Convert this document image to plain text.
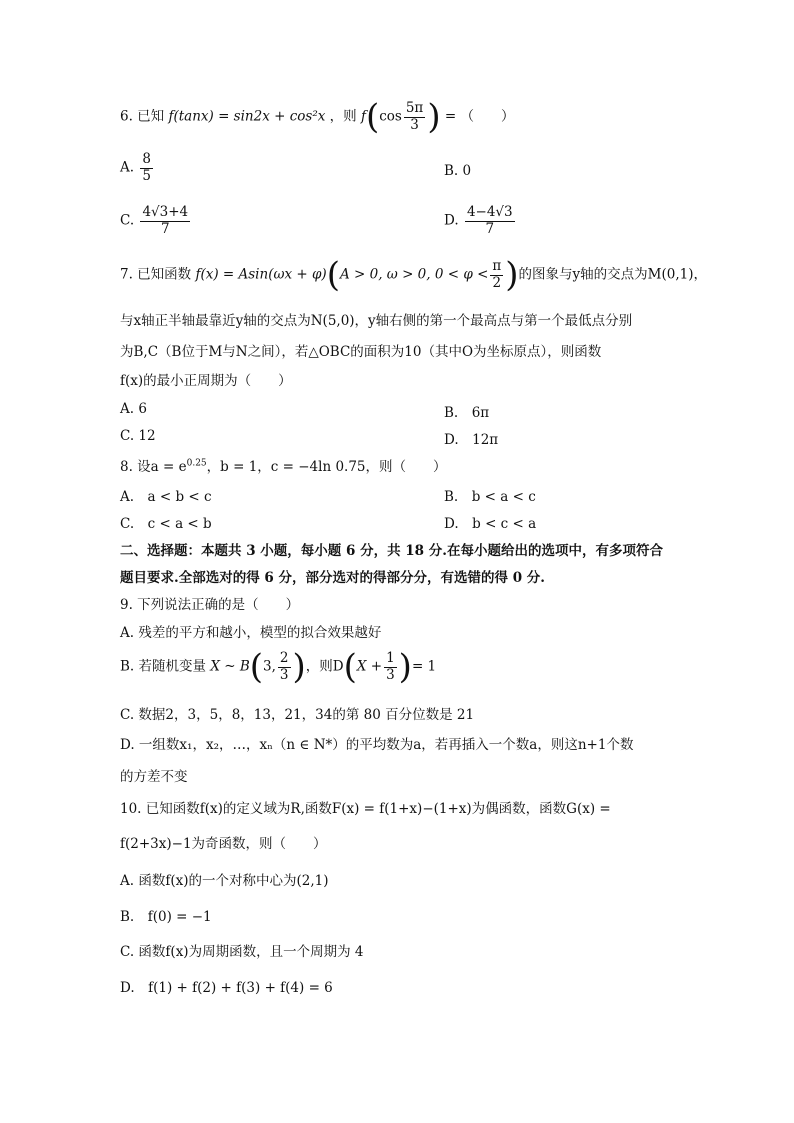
6. 已知 f(tanx) = sin2x + cos²x ，则 $f(\cos \frac{5\pi}{3}$ ) = （　　）
A. $\frac{8}{5}$	B. 0
C. $\frac{4√3+4}{7}$	D. $\frac{4-4√3}{7}$
7. 已知函数 f(x) = Asin(ωx + φ)(A > 0, ω > 0, $0 < \varphi < \frac{\pi}{2}$ )的图象与y轴的交点为M(0,1)，
与x轴正半轴最靠近y轴的交点为N(5,0)，y轴右侧的第一个最高点与第一个最低点分别
为B,C（B位于M与N之间），若△OBC的面积为10（其中O为坐标原点），则函数
f(x)的最小正周期为（　　）
A. 6	B.　6π
C. 12	D.　12π
8. 设$a = e^{0.25}$，b = 1，c = −4ln 0.75，则（　　）
A.　a < b < c	B.　b < a < c
C.　c < a < b	D.　b < c < a
二、选择题：本题共 3 小题，每小题 6 分，共 18 分.在每小题给出的选项中，有多项符合
题目要求.全部选对的得 6 分，部分选对的得部分分，有选错的得 0 分.
9. 下列说法正确的是（　　）
A. 残差的平方和越小，模型的拟合效果越好
B. 若随机变量 X ~ B(3, $\frac{2}{3}$ )，则$D(X + \frac{1}{3}$ )= 1
C. 数据2，3，5，8，13，21，34的第 80 百分位数是 21
D. 一组数x₁，x₂，…，xₙ（n ∈ N*）的平均数为a，若再插入一个数a，则这n+1个数
的方差不变
10. 已知函数f(x)的定义域为R,函数F(x) = f(1+x)−(1+x)为偶函数，函数G(x) =
f(2+3x)−1为奇函数，则（　　）
A. 函数f(x)的一个对称中心为(2,1)
B.　f(0) = −1
C. 函数f(x)为周期函数，且一个周期为 4
D.　f(1) + f(2) + f(3) + f(4) = 6
